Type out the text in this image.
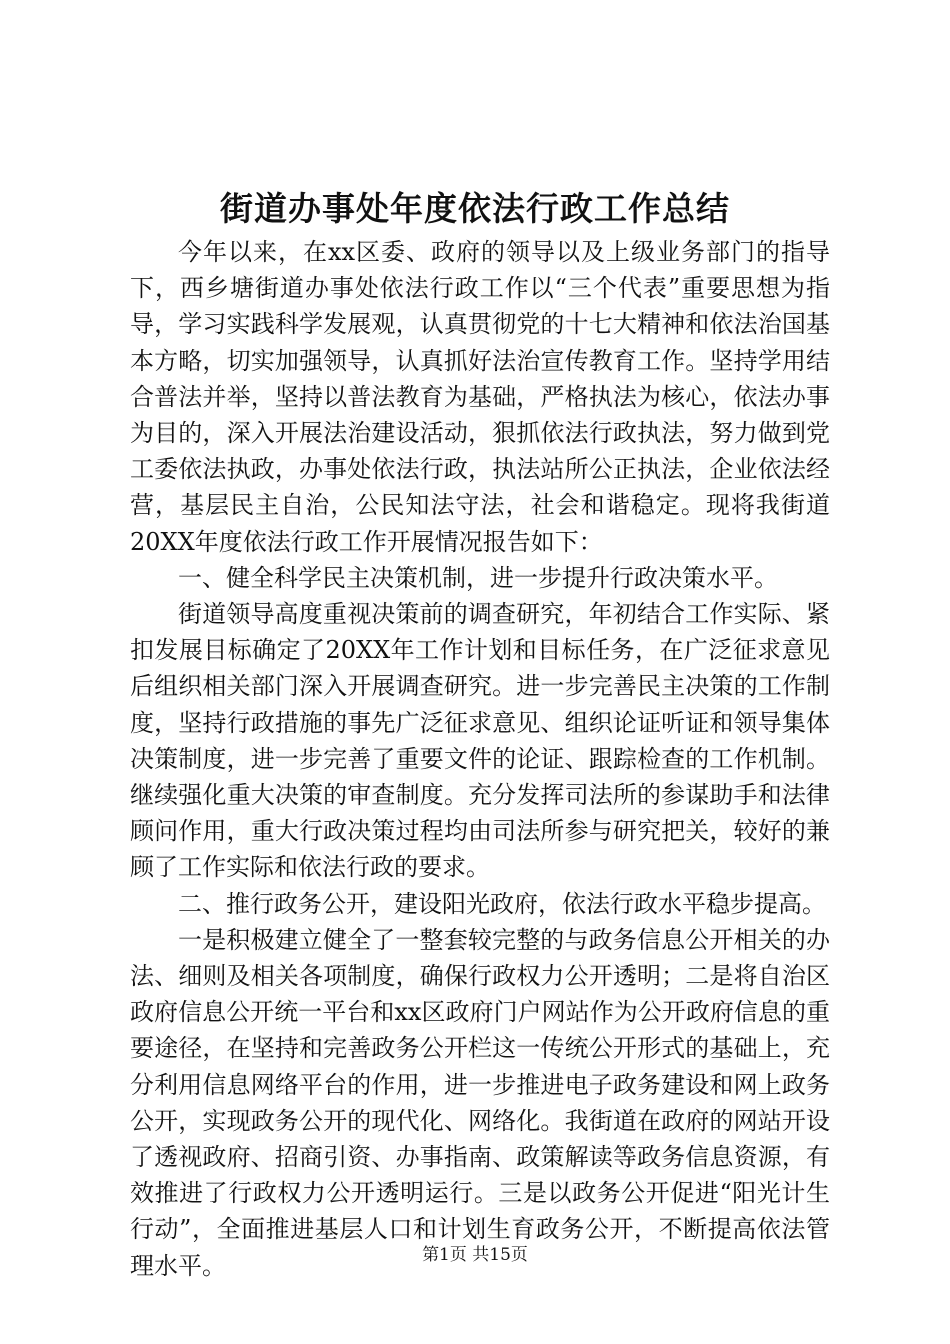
街道办事处年度依法行政工作总结

今年以来，在xx区委、政府的领导以及上级业务部门的指导下，西乡塘街道办事处依法行政工作以“三个代表”重要思想为指导，学习实践科学发展观，认真贯彻党的十七大精神和依法治国基本方略，切实加强领导，认真抓好法治宣传教育工作。坚持学用结合普法并举，坚持以普法教育为基础，严格执法为核心，依法办事为目的，深入开展法治建设活动，狠抓依法行政执法，努力做到党工委依法执政，办事处依法行政，执法站所公正执法，企业依法经营，基层民主自治，公民知法守法，社会和谐稳定。现将我街道20XX年度依法行政工作开展情况报告如下：

一、健全科学民主决策机制，进一步提升行政决策水平。

街道领导高度重视决策前的调查研究，年初结合工作实际、紧扣发展目标确定了20XX年工作计划和目标任务，在广泛征求意见后组织相关部门深入开展调查研究。进一步完善民主决策的工作制度，坚持行政措施的事先广泛征求意见、组织论证听证和领导集体决策制度，进一步完善了重要文件的论证、跟踪检查的工作机制。继续强化重大决策的审查制度。充分发挥司法所的参谋助手和法律顾问作用，重大行政决策过程均由司法所参与研究把关，较好的兼顾了工作实际和依法行政的要求。

二、推行政务公开，建设阳光政府，依法行政水平稳步提高。

一是积极建立健全了一整套较完整的与政务信息公开相关的办法、细则及相关各项制度，确保行政权力公开透明；二是将自治区政府信息公开统一平台和xx区政府门户网站作为公开政府信息的重要途径，在坚持和完善政务公开栏这一传统公开形式的基础上，充分利用信息网络平台的作用，进一步推进电子政务建设和网上政务公开，实现政务公开的现代化、网络化。我街道在政府的网站开设了透视政府、招商引资、办事指南、政策解读等政务信息资源，有效推进了行政权力公开透明运行。三是以政务公开促进“阳光计生行动”，全面推进基层人口和计划生育政务公开，不断提高依法管理水平。	第1页 共15页
